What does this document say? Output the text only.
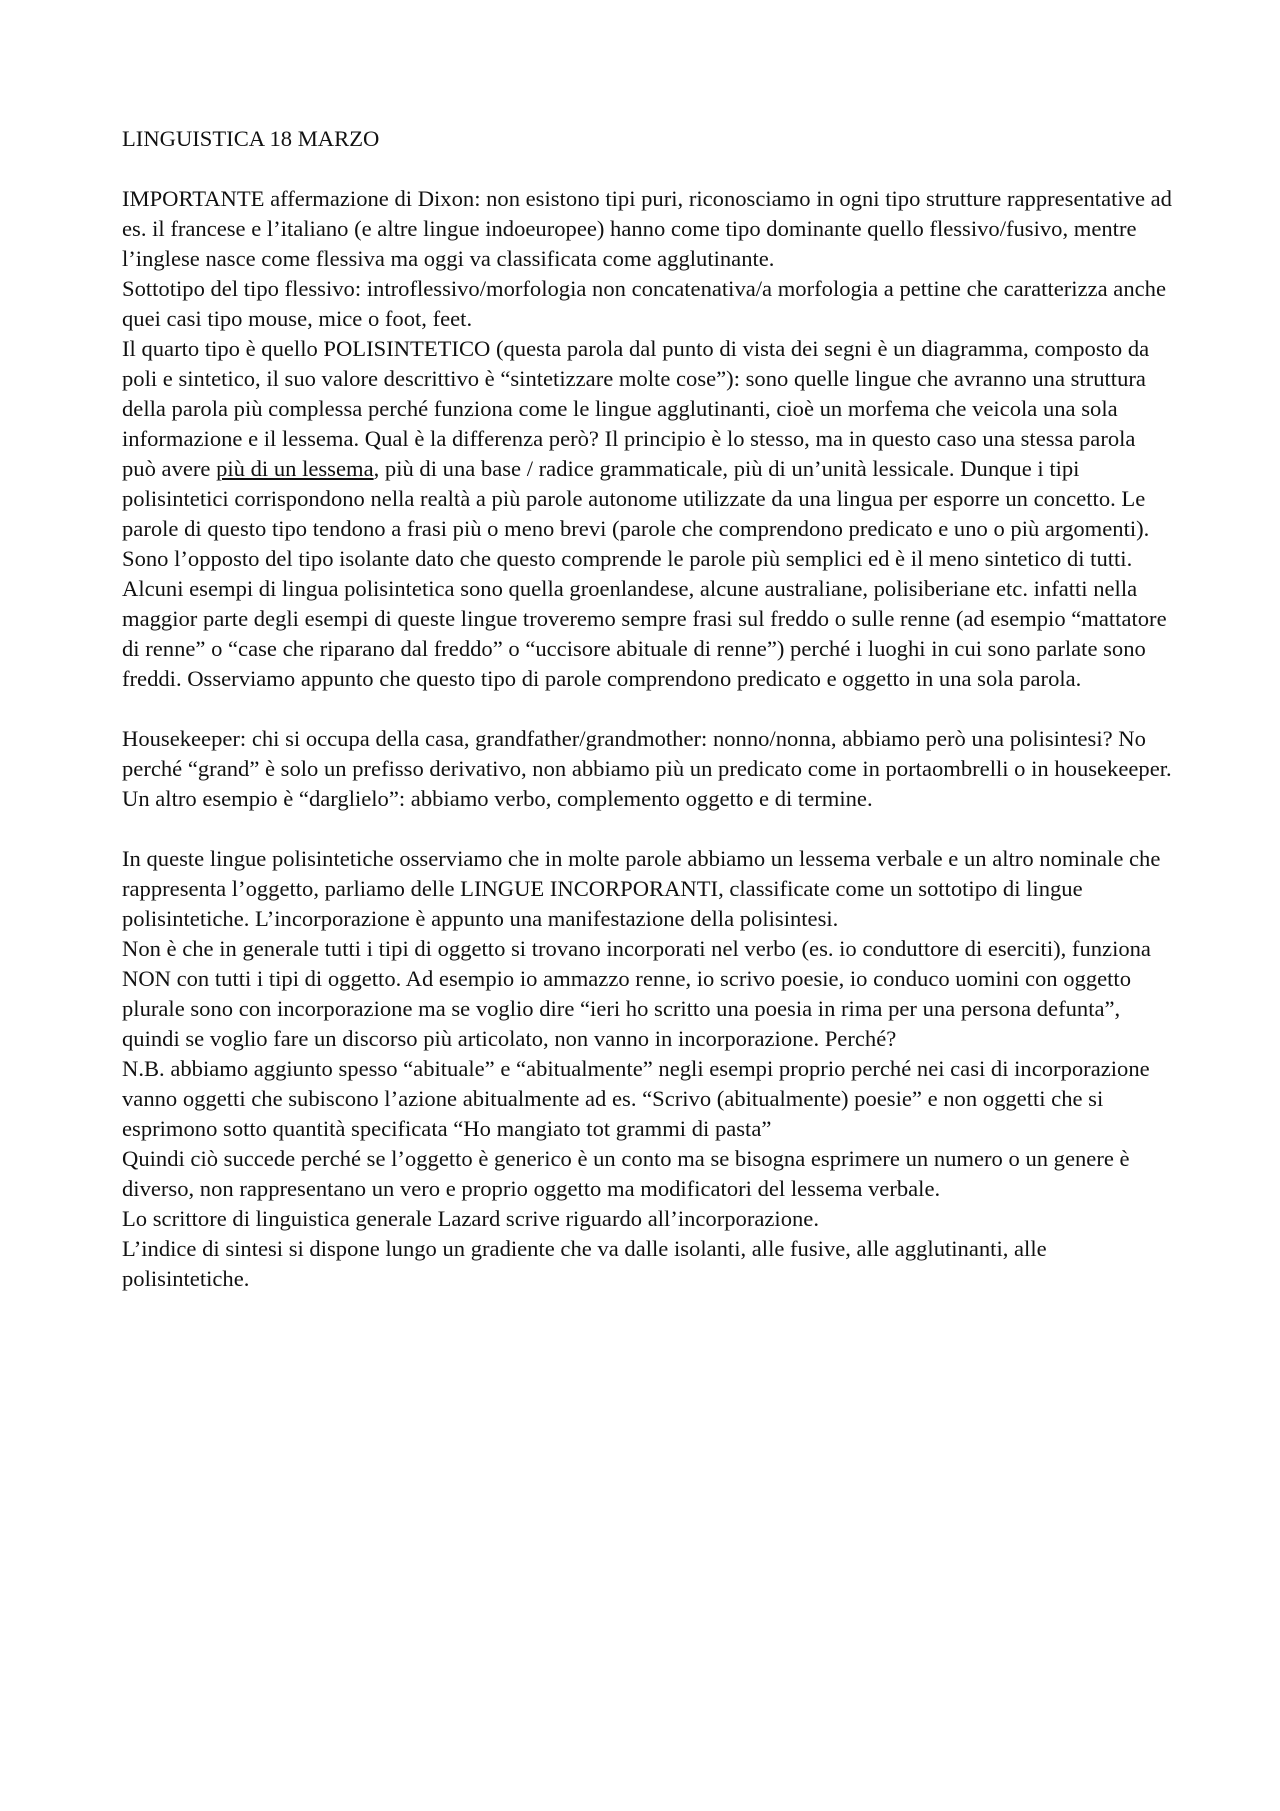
LINGUISTICA 18 MARZO

IMPORTANTE affermazione di Dixon: non esistono tipi puri, riconosciamo in ogni tipo strutture rappresentative ad es. il francese e l’italiano (e altre lingue indoeuropee) hanno come tipo dominante quello flessivo/fusivo, mentre l’inglese nasce come flessiva ma oggi va classificata come agglutinante.

Sottotipo del tipo flessivo: introflessivo/morfologia non concatenativa/a morfologia a pettine che caratterizza anche quei casi tipo mouse, mice o foot, feet.

Il quarto tipo è quello POLISINTETICO (questa parola dal punto di vista dei segni è un diagramma, composto da poli e sintetico, il suo valore descrittivo è “sintetizzare molte cose”): sono quelle lingue che avranno una struttura della parola più complessa perché funziona come le lingue agglutinanti, cioè un morfema che veicola una sola informazione e il lessema. Qual è la differenza però? Il principio è lo stesso, ma in questo caso una stessa parola può avere più di un lessema, più di una base / radice grammaticale, più di un’unità lessicale. Dunque i tipi polisintetici corrispondono nella realtà a più parole autonome utilizzate da una lingua per esporre un concetto. Le parole di questo tipo tendono a frasi più o meno brevi (parole che comprendono predicato e uno o più argomenti).

Sono l’opposto del tipo isolante dato che questo comprende le parole più semplici ed è il meno sintetico di tutti.

Alcuni esempi di lingua polisintetica sono quella groenlandese, alcune australiane, polisiberiane etc. infatti nella maggior parte degli esempi di queste lingue troveremo sempre frasi sul freddo o sulle renne (ad esempio “mattatore di renne” o “case che riparano dal freddo” o “uccisore abituale di renne”) perché i luoghi in cui sono parlate sono freddi. Osserviamo appunto che questo tipo di parole comprendono predicato e oggetto in una sola parola.

Housekeeper: chi si occupa della casa, grandfather/grandmother: nonno/nonna, abbiamo però una polisintesi? No perché “grand” è solo un prefisso derivativo, non abbiamo più un predicato come in portaombrelli o in housekeeper.

Un altro esempio è “darglielo”: abbiamo verbo, complemento oggetto e di termine.

In queste lingue polisintetiche osserviamo che in molte parole abbiamo un lessema verbale e un altro nominale che rappresenta l’oggetto, parliamo delle LINGUE INCORPORANTI, classificate come un sottotipo di lingue polisintetiche. L’incorporazione è appunto una manifestazione della polisintesi.

Non è che in generale tutti i tipi di oggetto si trovano incorporati nel verbo (es. io conduttore di eserciti), funziona NON con tutti i tipi di oggetto. Ad esempio io ammazzo renne, io scrivo poesie, io conduco uomini con oggetto plurale sono con incorporazione ma se voglio dire “ieri ho scritto una poesia in rima per una persona defunta”, quindi se voglio fare un discorso più articolato, non vanno in incorporazione. Perché?

N.B. abbiamo aggiunto spesso “abituale” e “abitualmente” negli esempi proprio perché nei casi di incorporazione vanno oggetti che subiscono l’azione abitualmente ad es. “Scrivo (abitualmente) poesie” e non oggetti che si esprimono sotto quantità specificata “Ho mangiato tot grammi di pasta”

Quindi ciò succede perché se l’oggetto è generico è un conto ma se bisogna esprimere un numero o un genere è diverso, non rappresentano un vero e proprio oggetto ma modificatori del lessema verbale.

Lo scrittore di linguistica generale Lazard scrive riguardo all’incorporazione.

L’indice di sintesi si dispone lungo un gradiente che va dalle isolanti, alle fusive, alle agglutinanti, alle polisintetiche.
